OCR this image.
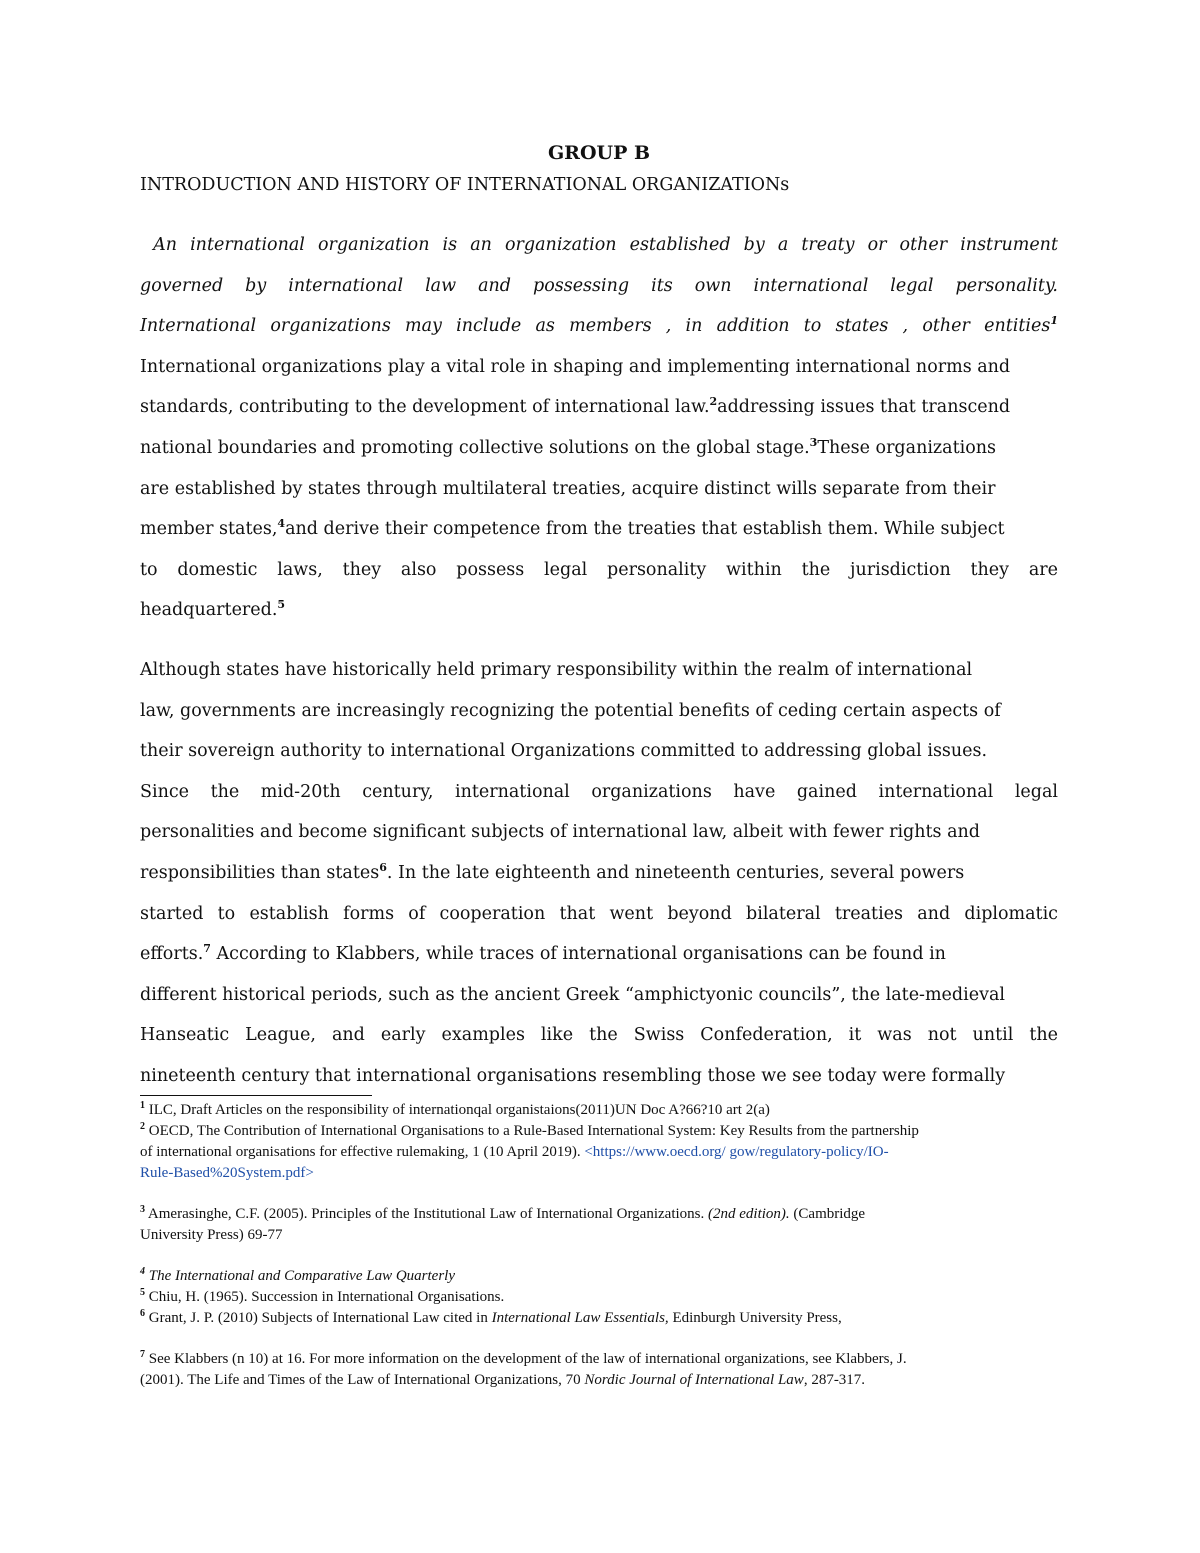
GROUP B
INTRODUCTION AND HISTORY OF INTERNATIONAL ORGANIZATIONs
An international organization is an organization established by a treaty or other instrument
governed by international law and possessing its own international legal personality.
International organizations may include as members , in addition to states , other entities$^1$
International organizations play a vital role in shaping and implementing international norms and
standards, contributing to the development of international law.$^2$addressing issues that transcend
national boundaries and promoting collective solutions on the global stage.$^3$These organizations
are established by states through multilateral treaties, acquire distinct wills separate from their
member states,$^4$and derive their competence from the treaties that establish them. While subject
to domestic laws, they also possess legal personality within the jurisdiction they are
headquartered.$^5$
Although states have historically held primary responsibility within the realm of international
law, governments are increasingly recognizing the potential benefits of ceding certain aspects of
their sovereign authority to international Organizations committed to addressing global issues.
Since the mid-20th century, international organizations have gained international legal
personalities and become significant subjects of international law, albeit with fewer rights and
responsibilities than states$^6$. In the late eighteenth and nineteenth centuries, several powers
started to establish forms of cooperation that went beyond bilateral treaties and diplomatic
efforts.$^7$ According to Klabbers, while traces of international organisations can be found in
different historical periods, such as the ancient Greek “amphictyonic councils”, the late-medieval
Hanseatic League, and early examples like the Swiss Confederation, it was not until the
nineteenth century that international organisations resembling those we see today were formally

$^1$ ILC, Draft Articles on the responsibility of internationqal organistaions(2011)UN Doc A?66?10 art 2(a)

$^2$ OECD, The Contribution of International Organisations to a Rule-Based International System: Key Results from the partnership
of international organisations for effective rulemaking, 1 (10 April 2019). <https://www.oecd.org/ gow/regulatory-policy/IO-
Rule-Based%20System.pdf>

$^3$ Amerasinghe, C.F. (2005). Principles of the Institutional Law of International Organizations. (2nd edition). (Cambridge
University Press) 69-77

$^4$ The International and Comparative Law Quarterly

$^5$ Chiu, H. (1965). Succession in International Organisations.

$^6$ Grant, J. P. (2010) Subjects of International Law cited in International Law Essentials, Edinburgh University Press,

$^7$ See Klabbers (n 10) at 16. For more information on the development of the law of international organizations, see Klabbers, J.
(2001). The Life and Times of the Law of International Organizations, 70 Nordic Journal of International Law, 287-317.
